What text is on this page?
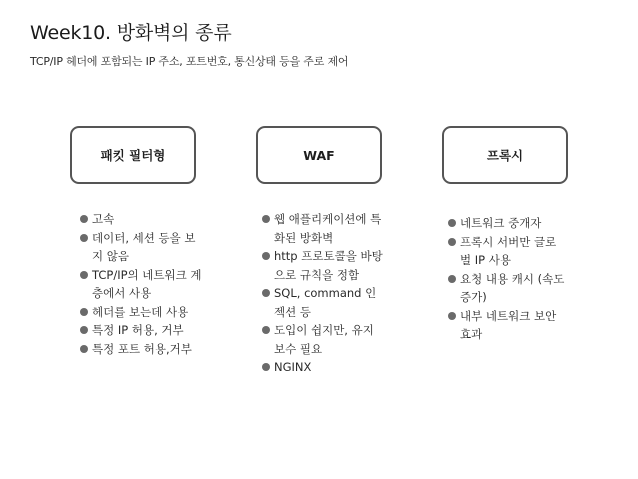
Week10. 방화벽의 종류
TCP/IP 헤더에 포함되는 IP 주소, 포트번호, 통신상태 등을 주로 제어
패킷 필터형	WAF	프록시
고속
데이터, 세션 등을 보지 않음
TCP/IP의 네트워크 계층에서 사용
헤더를 보는데 사용
특정 IP 허용, 거부
특정 포트 허용,거부
웹 애플리케이션에 특화된 방화벽
http 프로토콜을 바탕으로 규칙을 정함
SQL, command 인젝션 등
도입이 쉽지만, 유지 보수 필요
NGINX
네트워크 중개자
프록시 서버만 글로벌 IP 사용
요청 내용 캐시 (속도 증가)
내부 네트워크 보안 효과
